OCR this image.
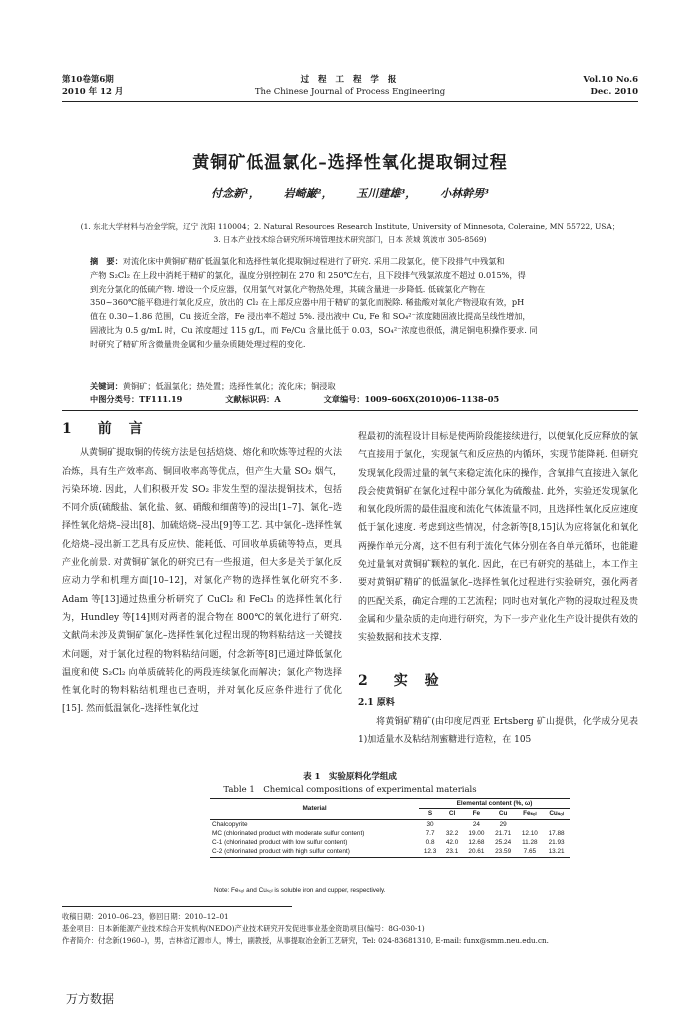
第10卷第6期
2010 年 12 月
过 程 工 程 学 报
The Chinese Journal of Process Engineering
Vol.10 No.6
Dec. 2010
黄铜矿低温氯化–选择性氧化提取铜过程
付念新¹， 岩崎巌²， 玉川建雄³， 小林幹男³
(1. 东北大学材料与冶金学院，辽宁 沈阳 110004；2. Natural Resources Research Institute, University of Minnesota, Coleraine, MN 55722, USA；
3. 日本产业技术综合研究所环境管理技术研究部门，日本 茨城 筑波市 305-8569)
摘　要：对流化床中黄铜矿精矿低温氯化和选择性氧化提取铜过程进行了研究. 采用二段氯化，使下段排气中残氯和
产物 S₂Cl₂ 在上段中消耗于精矿的氯化，温度分别控制在 270 和 250℃左右，且下段排气残氯浓度不超过 0.015%，得
到充分氯化的低硫产物. 增设一个反应器，仅用氯气对氯化产物热处理，其硫含量进一步降低. 低硫氯化产物在
350~360℃能平稳进行氧化反应，放出的 Cl₂ 在上部反应器中用于精矿的氯化而脱除. 稀盐酸对氧化产物浸取有效，pH
值在 0.30~1.86 范围，Cu 接近全溶，Fe 浸出率不超过 5%. 浸出液中 Cu, Fe 和 SO₄²⁻浓度随固液比提高呈线性增加，
固液比为 0.5 g/mL 时，Cu 浓度超过 115 g/L，而 Fe/Cu 含量比低于 0.03，SO₄²⁻浓度也很低，满足铜电积操作要求. 同
时研究了精矿所含微量贵金属和少量杂质随处理过程的变化.
关键词：黄铜矿；低温氯化；热处置；选择性氧化；流化床；铜浸取
中图分类号：TF111.19	文献标识码：A	文章编号：1009–606X(2010)06–1138–05
1　前 言
从黄铜矿提取铜的传统方法是包括焙烧、熔化和吹炼等过程的火法冶炼，具有生产效率高、铜回收率高等优点，但产生大量 SO₂ 烟气，污染环境. 因此，人们积极开发 SO₂ 非发生型的湿法提铜技术，包括不同介质(硫酸盐、氯化盐、氨、硝酸和细菌等)的浸出[1–7]、氯化–选择性氧化焙烧–浸出[8]、加硫焙烧–浸出[9]等工艺. 其中氯化–选择性氧化焙烧–浸出新工艺具有反应快、能耗低、可回收单质硫等特点，更具产业化前景. 对黄铜矿氯化的研究已有一些报道，但大多是关于氯化反应动力学和机理方面[10–12]，对氯化产物的选择性氧化研究不多. Adam 等[13]通过热重分析研究了 CuCl₂ 和 FeCl₃ 的选择性氧化行为，Hundley 等[14]则对两者的混合物在 800℃的氧化进行了研究. 文献尚未涉及黄铜矿氯化–选择性氧化过程出现的物料粘结这一关键技术问题，对于氯化过程的物料粘结问题，付念新等[8]已通过降低氯化温度和使 S₂Cl₂ 向单质硫转化的两段连续氯化而解决；氯化产物选择性氧化时的物料粘结机理也已查明，并对氧化反应条件进行了优化[15]. 然而低温氯化–选择性氧化过
程最初的流程设计目标是使两阶段能接续进行，以便氧化反应释放的氯气直接用于氯化，实现氯气和反应热的内循环，实现节能降耗. 但研究发现氧化段需过量的氧气来稳定流化床的操作，含氧排气直接进入氯化段会使黄铜矿在氯化过程中部分氧化为硫酸盐. 此外，实验还发现氯化和氧化段所需的最佳温度和流化气体流量不同，且选择性氧化反应速度低于氯化速度. 考虑到这些情况，付念新等[8,15]认为应将氯化和氧化两操作单元分离，这不但有利于流化气体分别在各自单元循环，也能避免过量氧对黄铜矿颗粒的氧化. 因此，在已有研究的基础上，本工作主要对黄铜矿精矿的低温氯化–选择性氧化过程进行实验研究，强化两者的匹配关系，确定合理的工艺流程；同时也对氧化产物的浸取过程及贵金属和少量杂质的走向进行研究，为下一步产业化生产设计提供有效的实验数据和技术支撑.
2　实 验
2.1 原料
将黄铜矿精矿(由印度尼西亚 Ertsberg 矿山提供，化学成分见表 1)加适量水及粘结剂蜜糖进行造粒，在 105
表 1　实验原料化学组成
Table 1　Chemical compositions of experimental materials
Material	Elemental content (%, ω)					
	S	Cl	Fe	Cu	Feₛₒₗ	Cuₛₒₗ
Chalcopyrite	30		24	29		
MC (chlorinated product with moderate sulfur content)	7.7	32.2	19.00	21.71	12.10	17.88
C-1 (chlorinated product with low sulfur content)	0.8	42.0	12.68	25.24	11.28	21.93
C-2 (chlorinated product with high sulfur content)	12.3	23.1	20.61	23.59	7.65	13.21
Note: Feₛₒₗ and Cuₛₒₗ is soluble iron and cupper, respectively.
收稿日期：2010–06–23，修回日期：2010–12–01
基金项目：日本新能源产业技术综合开发机构(NEDO)产业技术研究开发促进事业基金资助项目(编号：8G-030-1)
作者简介：付念新(1960–)，男，吉林省辽源市人，博士，副教授，从事提取冶金新工艺研究，Tel: 024-83681310, E-mail: funx@smm.neu.edu.cn.
万方数据
